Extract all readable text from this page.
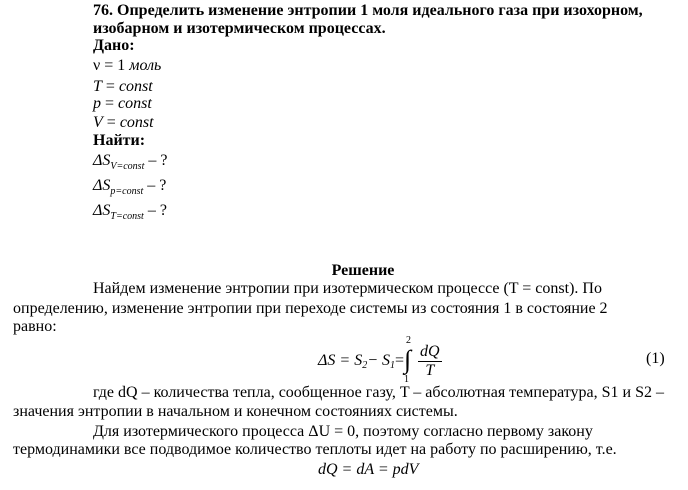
76. Определить изменение энтропии 1 моля идеального газа при изохорном,
изобарном и изотермическом процессах.
Дано:
ν = 1 моль
T = const
p = const
V = const
Найти:
$\Delta S_{V=const}$ – ?
$\Delta S_{p=const}$ – ?
$\Delta S_{T=const}$ – ?
Решение
Найдем изменение энтропии при изотермическом процессе (T = const). По
определению, изменение энтропии при переходе системы из состояния 1 в состояние 2
равно:
ΔS = S 2 − S 1 =
2
∫
$1 \frac{dQ}{T}$	(1)
где dQ – количества тепла, сообщенное газу, T – абсолютная температура, S1 и S2 –
значения энтропии в начальном и конечном состояниях системы.
Для изотермического процесса ΔU = 0, поэтому согласно первому закону
термодинамики все подводимое количество теплоты идет на работу по расширению, т.е.
dQ = dA = pdV
